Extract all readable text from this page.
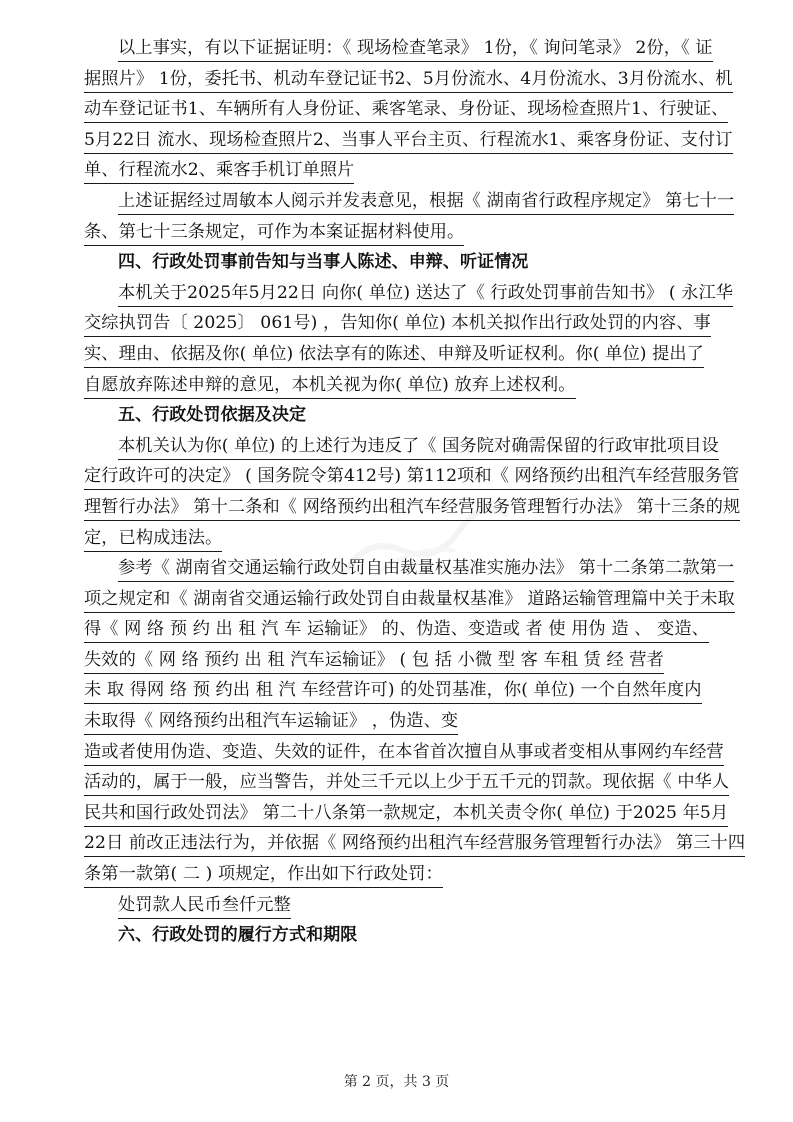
以上事实，有以下证据证明：《 现场检查笔录》 1份，《 询问笔录》 2份，《 证
据照片》 1份，委托书、机动车登记证书2、5月份流水、4月份流水、3月份流水、机
动车登记证书1、车辆所有人身份证、乘客笔录、身份证、现场检查照片1、行驶证、
5月22日 流水、现场检查照片2、当事人平台主页、行程流水1、乘客身份证、支付订
单、行程流水2、乘客手机订单照片
上述证据经过周敏本人阅示并发表意见，根据《 湖南省行政程序规定》 第七十一
条、第七十三条规定，可作为本案证据材料使用。
四、行政处罚事前告知与当事人陈述、申辩、听证情况
本机关于2025年5月22日 向你( 单位) 送达了《 行政处罚事前告知书》 ( 永江华
交综执罚告〔 2025〕 061号) ，告知你( 单位) 本机关拟作出行政处罚的内容、事
实、理由、依据及你( 单位) 依法享有的陈述、申辩及听证权利。你( 单位) 提出了
自愿放弃陈述申辩的意见，本机关视为你( 单位) 放弃上述权利。
五、行政处罚依据及决定
本机关认为你( 单位) 的上述行为违反了《 国务院对确需保留的行政审批项目设
定行政许可的决定》 ( 国务院令第412号) 第112项和《 网络预约出租汽车经营服务管
理暂行办法》 第十二条和《 网络预约出租汽车经营服务管理暂行办法》 第十三条的规
定，已构成违法。
参考《 湖南省交通运输行政处罚自由裁量权基准实施办法》 第十二条第二款第一
项之规定和《 湖南省交通运输行政处罚自由裁量权基准》 道路运输管理篇中关于未取
得《 网 络 预 约 出 租 汽 车 运输证》 的、伪造、变造或 者 使 用伪 造 、 变造、
失效的《 网 络 预约 出 租 汽车运输证》 ( 包 括 小微 型 客 车租 赁 经 营者
未 取 得网 络 预 约出 租 汽 车经营许可) 的处罚基准，你( 单位) 一个自然年度内
未取得《 网络预约出租汽车运输证》 ，伪造、变
造或者使用伪造、变造、失效的证件，在本省首次擅自从事或者变相从事网约车经营
活动的，属于一般，应当警告，并处三千元以上少于五千元的罚款。现依据《 中华人
民共和国行政处罚法》 第二十八条第一款规定，本机关责令你( 单位) 于2025 年5月
22日 前改正违法行为，并依据《 网络预约出租汽车经营服务管理暂行办法》 第三十四
条第一款第( 二 ) 项规定，作出如下行政处罚：
处罚款人民币叁仟元整
六、行政处罚的履行方式和期限
第 2 页，共 3 页
